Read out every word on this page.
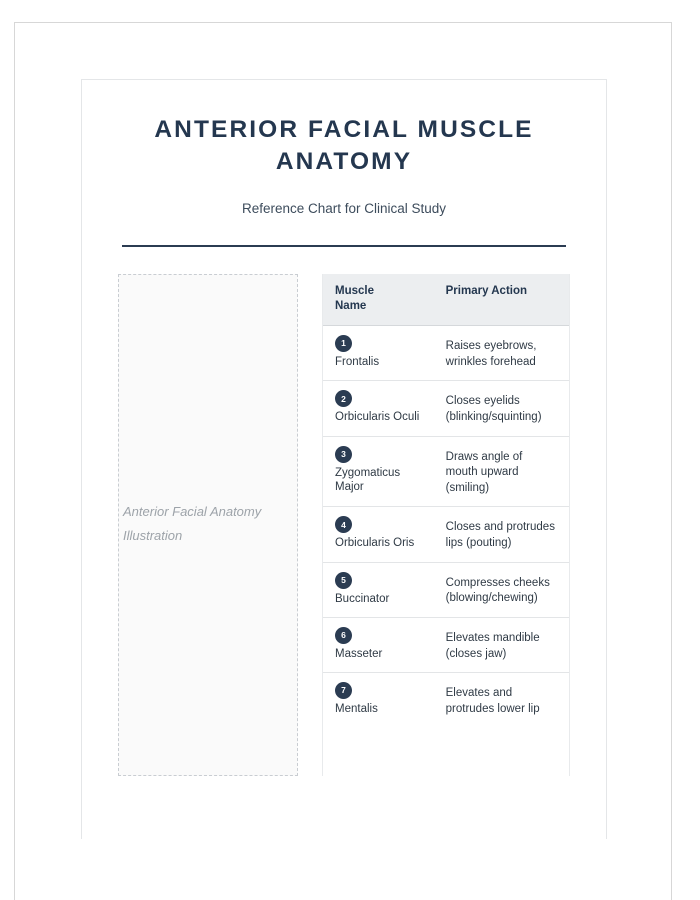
ANTERIOR FACIAL MUSCLE ANATOMY

Reference Chart for Clinical Study

Anterior Facial Anatomy
Illustration
Muscle
Name	Primary Action
1
Frontalis	Raises eyebrows, wrinkles forehead
2
Orbicularis Oculi	Closes eyelids (blinking/squinting)
3
Zygomaticus Major	Draws angle of mouth upward (smiling)
4
Orbicularis Oris	Closes and protrudes lips (pouting)
5
Buccinator	Compresses cheeks (blowing/chewing)
6
Masseter	Elevates mandible (closes jaw)
7
Mentalis	Elevates and protrudes lower lip
